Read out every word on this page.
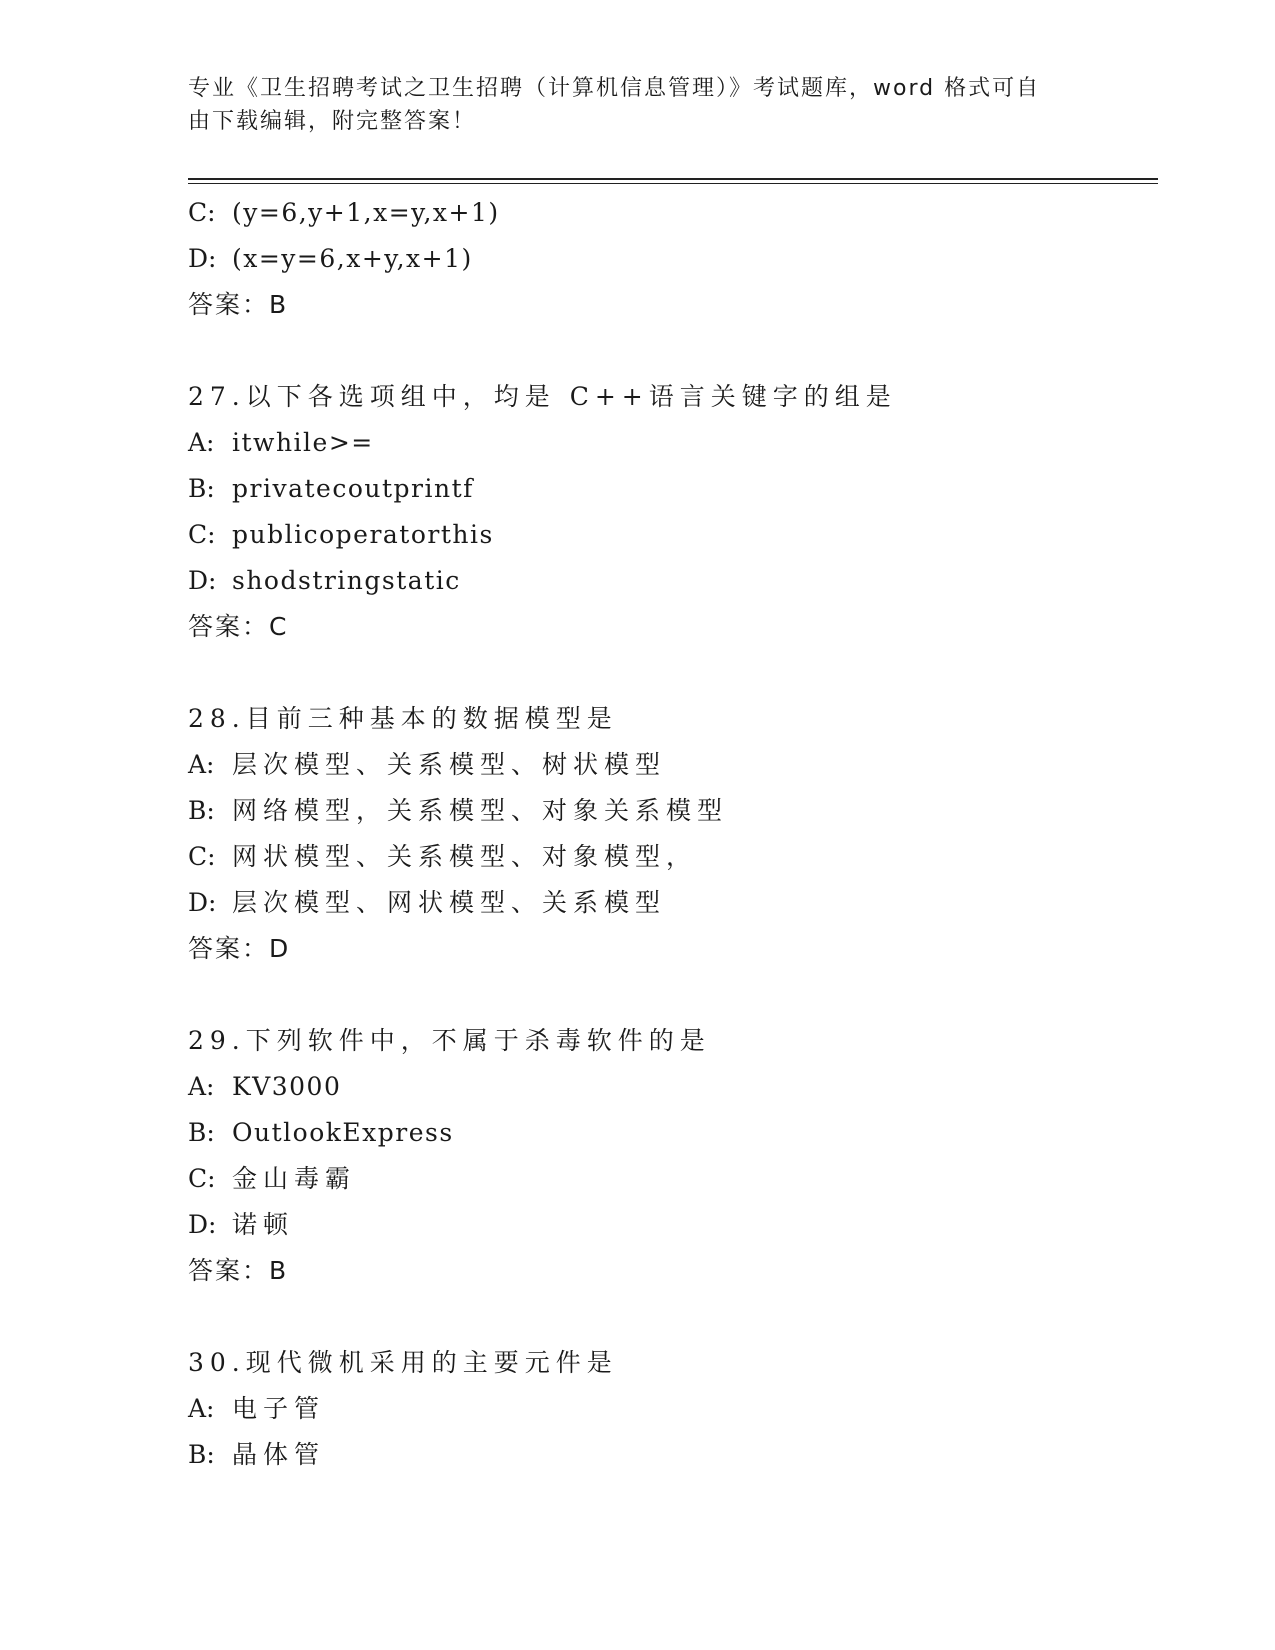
专业《卫生招聘考试之卫生招聘（计算机信息管理）》考试题库，word 格式可自

由下载编辑，附完整答案！

C: (y=6,y+1,x=y,x+1)
D: (x=y=6,x+y,x+1)
答案：B
27.以下各选项组中，均是 C++语言关键字的组是
A: itwhile>=
B: privatecoutprintf
C: publicoperatorthis
D: shodstringstatic
答案：C
28.目前三种基本的数据模型是
A: 层次模型、关系模型、树状模型
B: 网络模型，关系模型、对象关系模型
C: 网状模型、关系模型、对象模型，
D: 层次模型、网状模型、关系模型
答案：D
29.下列软件中，不属于杀毒软件的是
A: KV3000
B: OutlookExpress
C: 金山毒霸
D: 诺顿
答案：B
30.现代微机采用的主要元件是
A: 电子管
B: 晶体管
